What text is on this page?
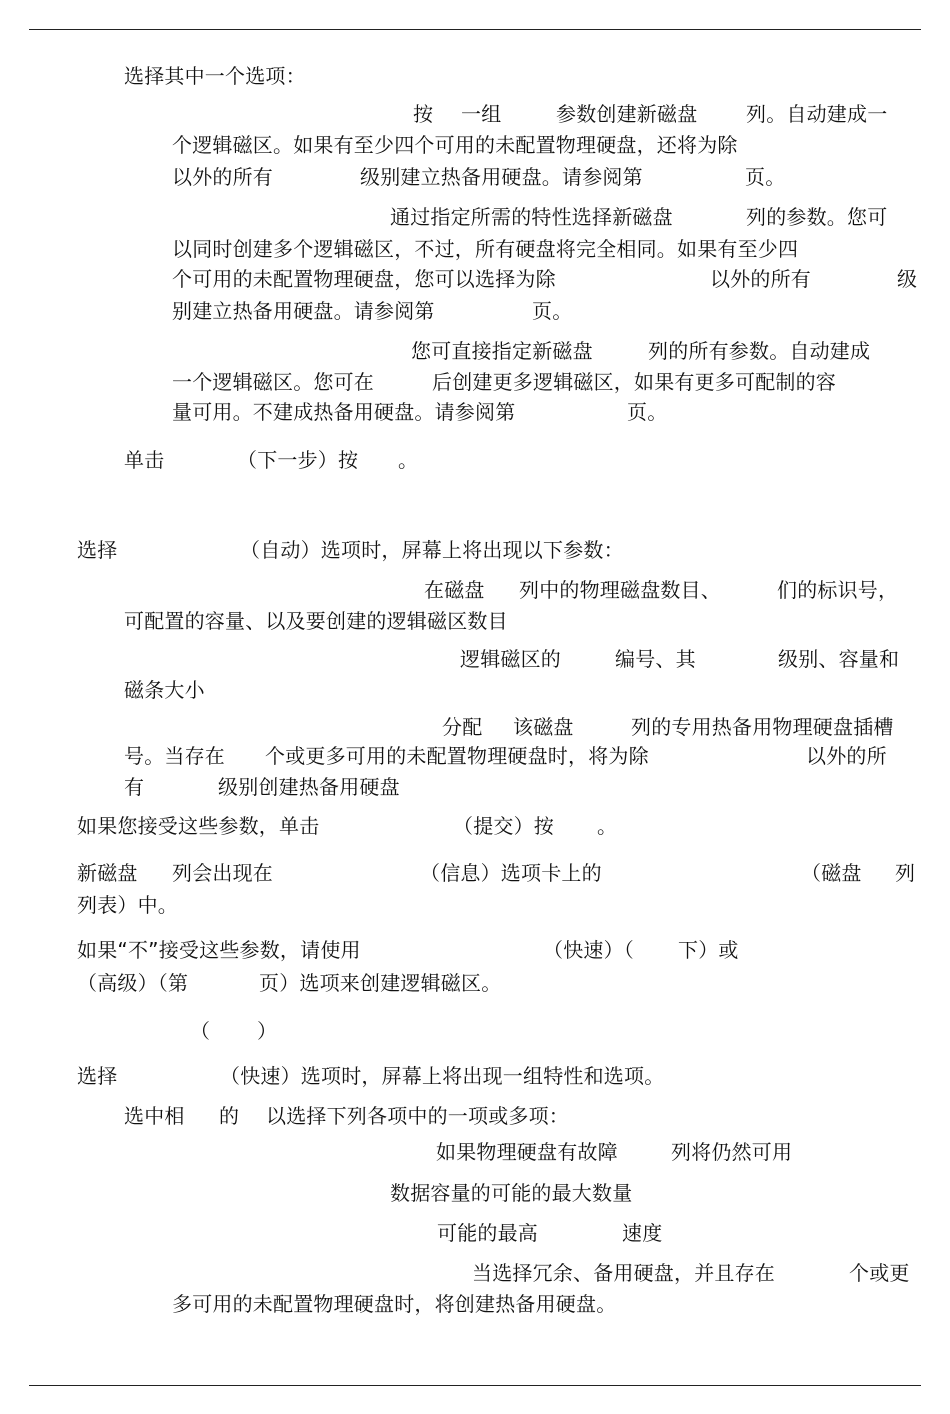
选择其中一个选项：
按 一组	参数创建新磁盘 列。自动建成一
个逻辑磁区。如果有至少四个可用的未配置物理硬盘，还将为除
以外的所有	级别建立热备用硬盘。请参阅第	页。
通过指定所需的特性选择新磁盘	列的参数。您可
以同时创建多个逻辑磁区，不过，所有硬盘将完全相同。如果有至少四
个可用的未配置物理硬盘，您可以选择为除	以外的所有	级
别建立热备用硬盘。请参阅第	页。
您可直接指定新磁盘	列的所有参数。自动建成
一个逻辑磁区。您可在	后创建更多逻辑磁区，如果有更多可配制的容
量可用。不建成热备用硬盘。请参阅第	页。
单击	（下一步）按 。
选择	（自动）选项时，屏幕上将出现以下参数：
在磁盘 列中的物理磁盘数目、	们的标识号，
可配置的容量、以及要创建的逻辑磁区数目
逻辑磁区的	编号、其	级别、容量和
磁条大小
分配 该磁盘	列的专用热备用物理硬盘插槽
号。当存在 个或更多可用的未配置物理硬盘时，将为除	以外的所
有	级别创建热备用硬盘
如果您接受这些参数，单击	（提交）按 。
新磁盘 列会出现在	（信息）选项卡上的	（磁盘 列
列表）中。
如果“不”接受这些参数，请使用	（快速）（ 下）或
（高级）（第	页）选项来创建逻辑磁区。
（ ）
选择	（快速）选项时，屏幕上将出现一组特性和选项。
选中相 的 以选择下列各项中的一项或多项：
如果物理硬盘有故障	列将仍然可用
数据容量的可能的最大数量
可能的最高	速度
当选择冗余、备用硬盘，并且存在	个或更
多可用的未配置物理硬盘时，将创建热备用硬盘。
